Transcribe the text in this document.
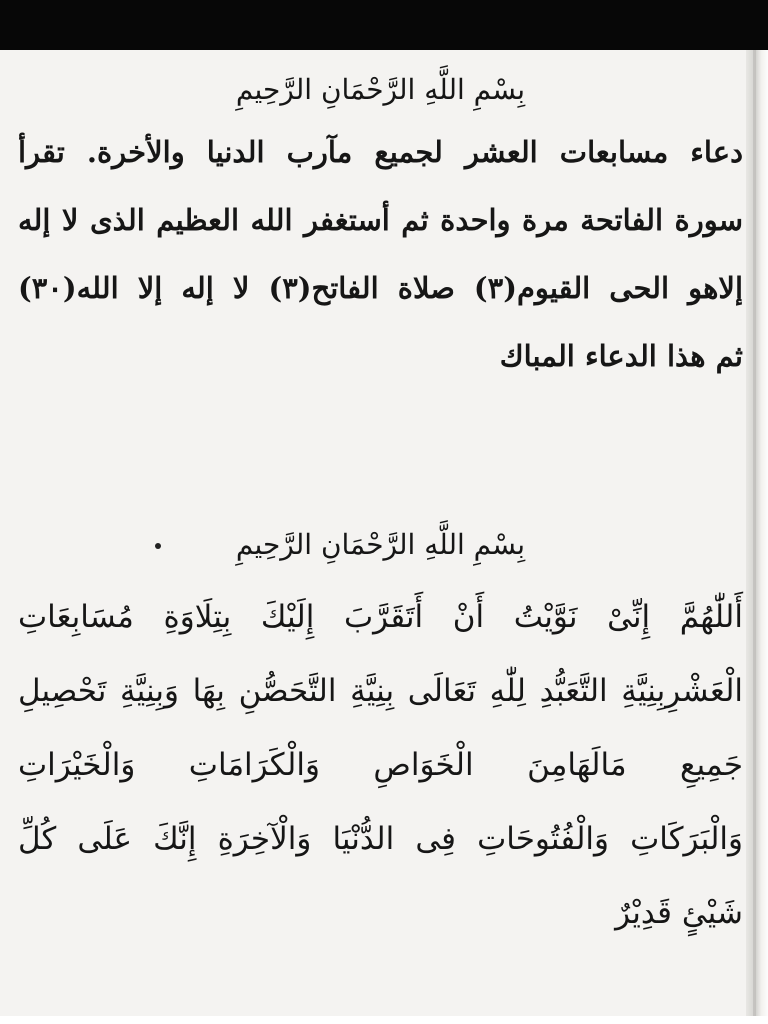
بِسْمِ اللَّهِ الرَّحْمَانِ الرَّحِيمِ
دعاء مسابعات العشر لجميع مآرب الدنيا والأخرة. تقرأ
سورة الفاتحة مرة واحدة ثم أستغفر الله العظيم الذى لا إله
إلاهو الحى القيوم(٣) صلاة الفاتح(٣) لا إله إلا الله(٣٠)
ثم هذا الدعاء المباك
بِسْمِ اللَّهِ الرَّحْمَانِ الرَّحِيمِ
أَللّٰهُمَّ إِنِّىْ نَوَّيْتُ أَنْ أَتَقَرَّبَ إِلَيْكَ بِتِلَاوَةِ مُسَابِعَاتِ
الْعَشْرِبِنِيَّةِ التَّعَبُّدِ لِلّٰهِ تَعَالَى بِنِيَّةِ التَّحَصُّنِ بِهَا وَبِنِيَّةِ تَحْصِيلِ
جَمِيعِ مَالَهَامِنَ الْخَوَاصِ وَالْكَرَامَاتِ وَالْخَيْرَاتِ
وَالْبَرَكَاتِ وَالْفُتُوحَاتِ فِى الدُّنْيَا وَالْآخِرَةِ إِنَّكَ عَلَى كُلِّ
شَيْئٍ قَدِيْرٌ
